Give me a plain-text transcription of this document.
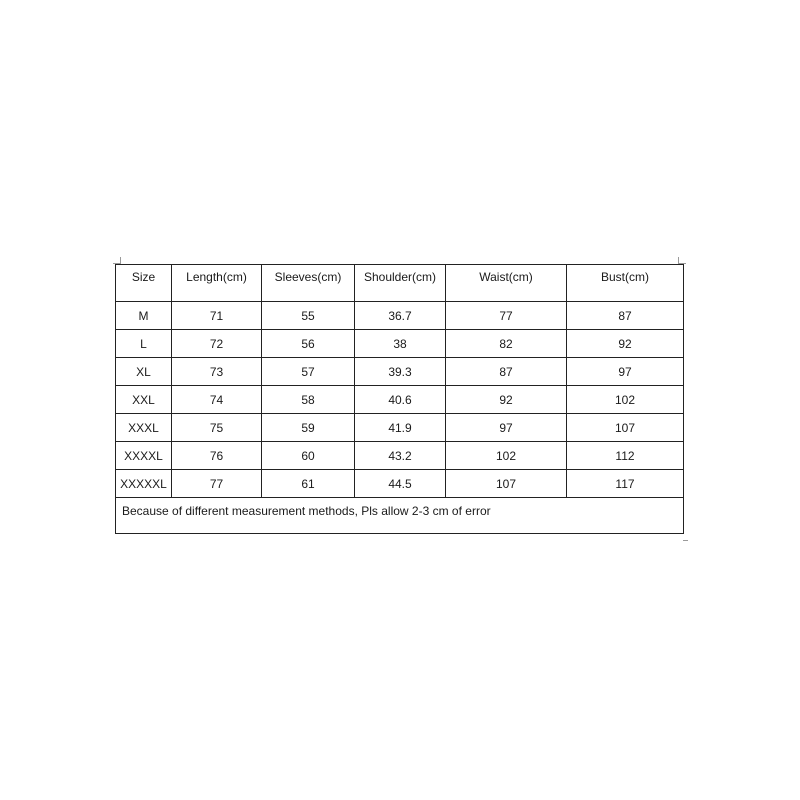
Size	Length(cm)	Sleeves(cm)	Shoulder(cm)	Waist(cm)	Bust(cm)
M	71	55	36.7	77	87
L	72	56	38	82	92
XL	73	57	39.3	87	97
XXL	74	58	40.6	92	102
XXXL	75	59	41.9	97	107
XXXXL	76	60	43.2	102	112
XXXXXL	77	61	44.5	107	117
Because of different measurement methods, Pls allow 2-3 cm of error					
